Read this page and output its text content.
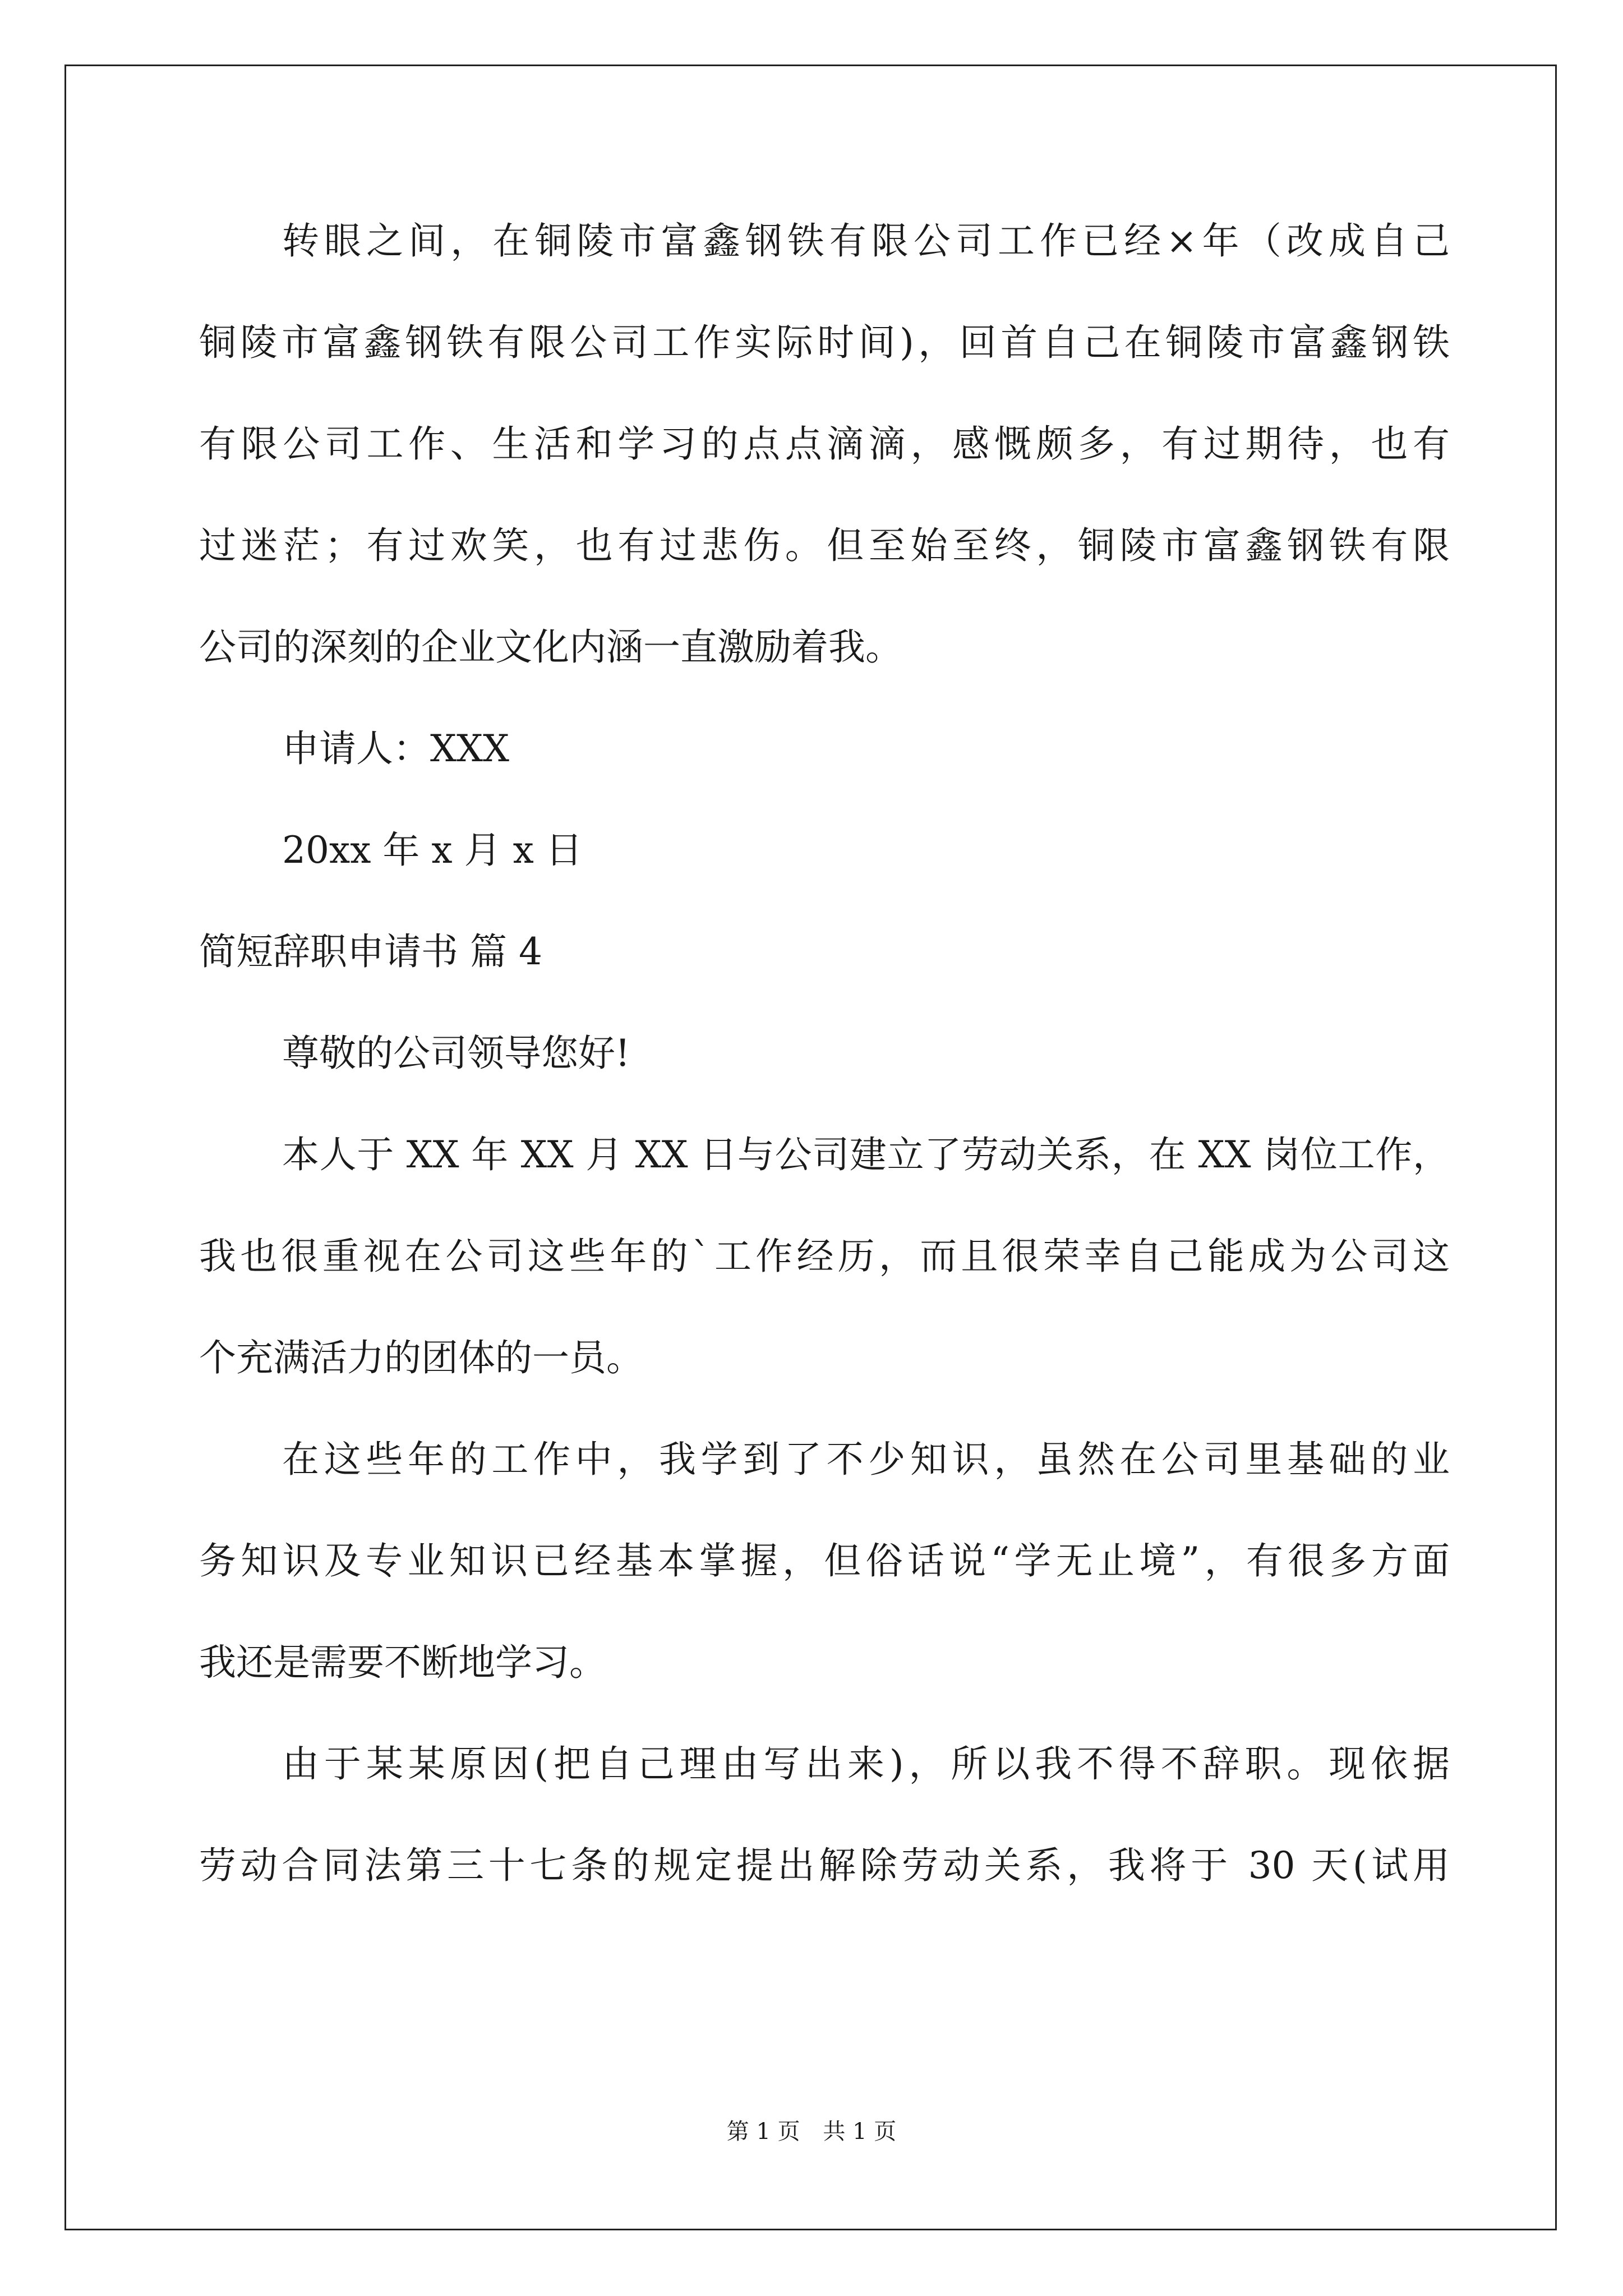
转眼之间，在铜陵市富鑫钢铁有限公司工作已经×年（改成自己
铜陵市富鑫钢铁有限公司工作实际时间)，回首自己在铜陵市富鑫钢铁
有限公司工作、生活和学习的点点滴滴，感慨颇多，有过期待，也有
过迷茫；有过欢笑，也有过悲伤。但至始至终，铜陵市富鑫钢铁有限
公司的深刻的企业文化内涵一直激励着我。
申请人：XXX
20xx 年 x 月 x 日
简短辞职申请书 篇 4
尊敬的公司领导您好!
本人于 XX 年 XX 月 XX 日与公司建立了劳动关系，在 XX 岗位工作，
我也很重视在公司这些年的`工作经历，而且很荣幸自己能成为公司这
个充满活力的团体的一员。
在这些年的工作中，我学到了不少知识，虽然在公司里基础的业
务知识及专业知识已经基本掌握，但俗话说“学无止境”，有很多方面
我还是需要不断地学习。
由于某某原因(把自己理由写出来)，所以我不得不辞职。现依据
劳动合同法第三十七条的规定提出解除劳动关系，我将于 30 天(试用
第 1 页 共 1 页
